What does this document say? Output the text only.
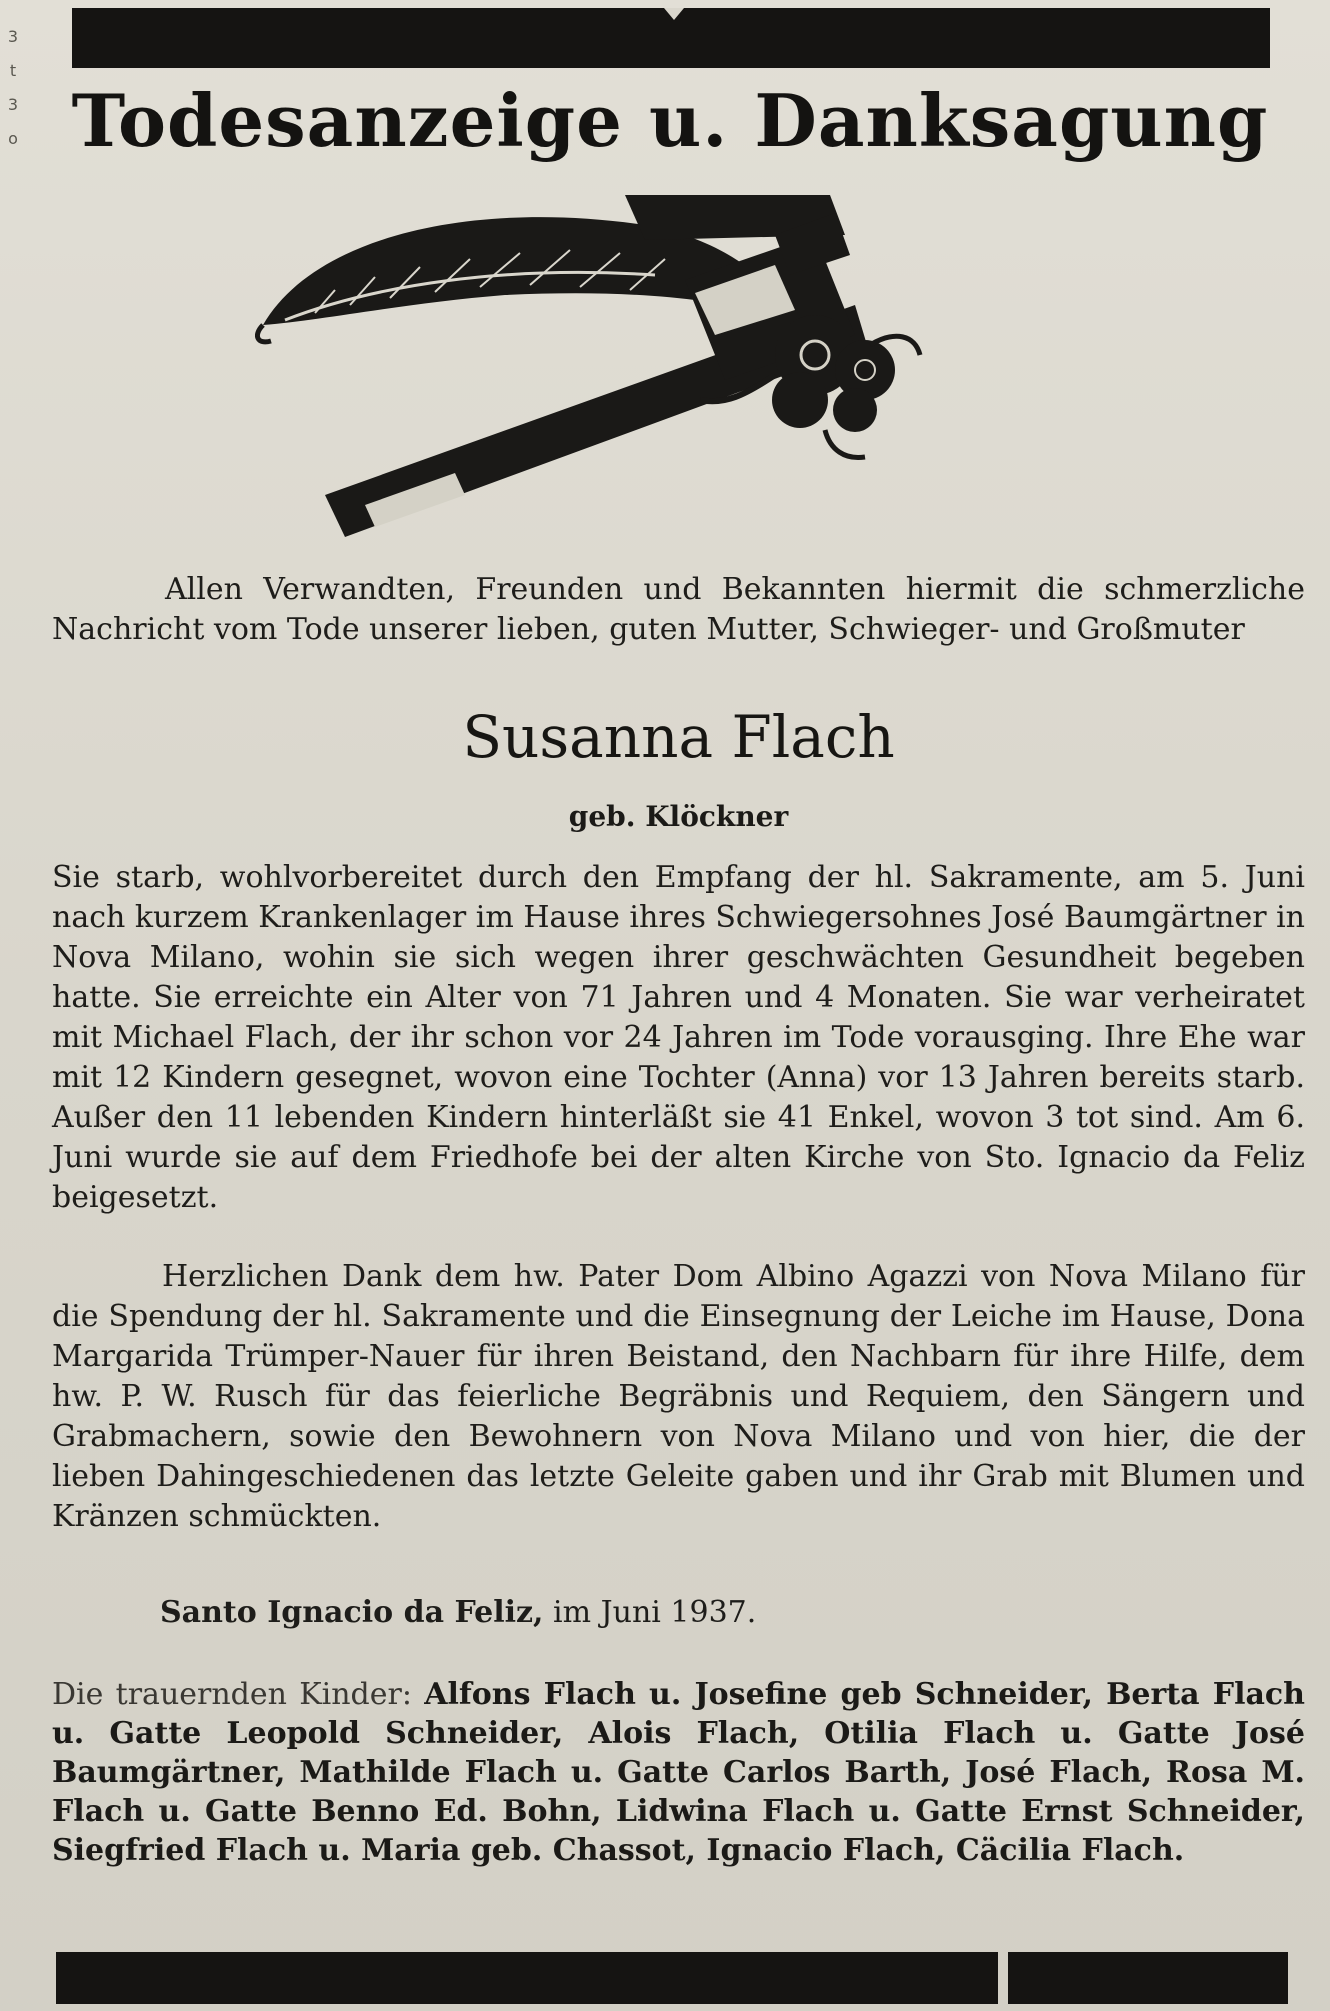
3
t
3
o Todesanzeige u. Danksagung
Allen Verwandten, Freunden und Bekannten hiermit die schmerzliche Nachricht vom Tode unserer lieben, guten Mutter, Schwieger- und Großmuter
Susanna Flach
geb. Klöckner
Sie starb, wohlvorbereitet durch den Empfang der hl. Sakramente, am 5. Juni nach kurzem Krankenlager im Hause ihres Schwiegersohnes José Baumgärtner in Nova Milano, wohin sie sich wegen ihrer geschwächten Gesundheit begeben hatte. Sie erreichte ein Alter von 71 Jahren und 4 Monaten. Sie war verheiratet mit Michael Flach, der ihr schon vor 24 Jahren im Tode vorausging. Ihre Ehe war mit 12 Kindern gesegnet, wovon eine Tochter (Anna) vor 13 Jahren bereits starb. Außer den 11 lebenden Kindern hinterläßt sie 41 Enkel, wovon 3 tot sind. Am 6. Juni wurde sie auf dem Friedhofe bei der alten Kirche von Sto. Ignacio da Feliz beigesetzt.
Herzlichen Dank dem hw. Pater Dom Albino Agazzi von Nova Milano für die Spendung der hl. Sakramente und die Einsegnung der Leiche im Hause, Dona Margarida Trümper-Nauer für ihren Beistand, den Nachbarn für ihre Hilfe, dem hw. P. W. Rusch für das feierliche Begräbnis und Requiem, den Sängern und Grabmachern, sowie den Bewohnern von Nova Milano und von hier, die der lieben Dahingeschiedenen das letzte Geleite gaben und ihr Grab mit Blumen und Kränzen schmückten.
Santo Ignacio da Feliz, im Juni 1937.
Die trauernden Kinder: Alfons Flach u. Josefine geb Schneider, Berta Flach u. Gatte Leopold Schneider, Alois Flach, Otilia Flach u. Gatte José Baumgärtner, Mathilde Flach u. Gatte Carlos Barth, José Flach, Rosa M. Flach u. Gatte Benno Ed. Bohn, Lidwina Flach u. Gatte Ernst Schneider, Siegfried Flach u. Maria geb. Chassot, Ignacio Flach, Cäcilia Flach.
